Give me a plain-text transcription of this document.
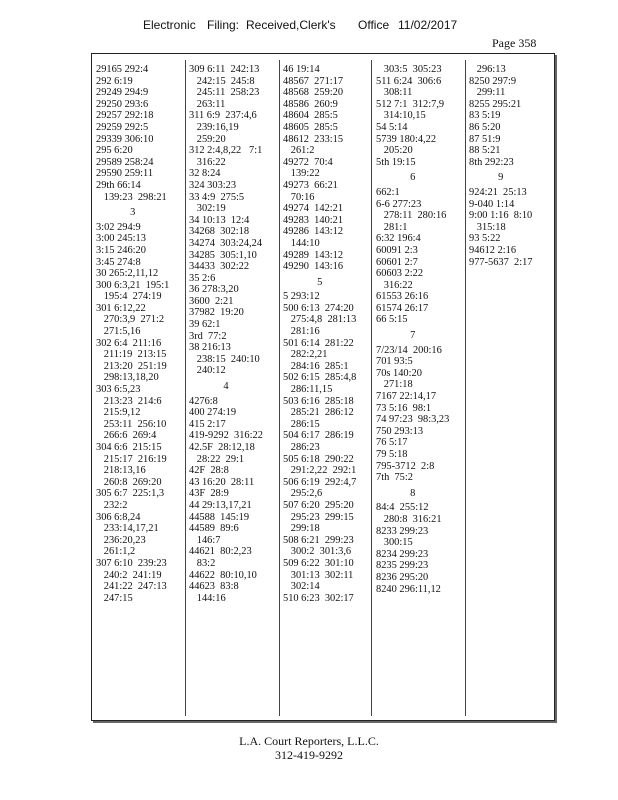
Electronic Filing: Received,Clerk's Office 11/02/2017
Page 358
29165 292:4
292 6:19
29249 294:9
29250 293:6
29257 292:18
29259 292:5
29339 306:10
295 6:20
29589 258:24
29590 259:11
29th 66:14
139:23  298:21
3
3:02 294:9
3:00 245:13
3:15 246:20
3:45 274:8
30 265:2,11,12
300 6:3,21  195:1
195:4  274:19
301 6:12,22
270:3,9  271:2
271:5,16
302 6:4  211:16
211:19  213:15
213:20  251:19
298:13,18,20
303 6:5,23
213:23  214:6
215:9,12
253:11  256:10
266:6  269:4
304 6:6  215:15
215:17  216:19
218:13,16
260:8  269:20
305 6:7  225:1,3
232:2
306 6:8,24
233:14,17,21
236:20,23
261:1,2
307 6:10  239:23
240:2  241:19
241:22  247:13
247:15
309 6:11  242:13
242:15  245:8
245:11  258:23
263:11
311 6:9  237:4,6
239:16,19
259:20
312 2:4,8,22   7:1
316:22
32 8:24
324 303:23
33 4:9  275:5
302:19
34 10:13  12:4
34268  302:18
34274  303:24,24
34285  305:1,10
34433  302:22
35 2:6
36 278:3,20
3600  2:21
37982  19:20
39 62:1
3rd  77:2
38 216:13
238:15  240:10
240:12
4
4276:8
400 274:19
415 2:17
419-9292  316:22
42.5F  28:12,18
28:22  29:1
42F  28:8
43 16:20  28:11
43F  28:9
44 29:13,17,21
44588  145:19
44589  89:6
146:7
44621  80:2,23
83:2
44622  80:10,10
44623  83:8
144:16
46 19:14
48567  271:17
48568  259:20
48586  260:9
48604  285:5
48605  285:5
48612  233:15
261:2
49272  70:4
139:22
49273  66:21
70:16
49274  142:21
49283  140:21
49286  143:12
144:10
49289  143:12
49290  143:16
5
5 293:12
500 6:13  274:20
275:4,8  281:13
281:16
501 6:14  281:22
282:2,21
284:16  285:1
502 6:15  285:4,8
286:11,15
503 6:16  285:18
285:21  286:12
286:15
504 6:17  286:19
286:23
505 6:18  290:22
291:2,22  292:1
506 6:19  292:4,7
295:2,6
507 6:20  295:20
295:23  299:15
299:18
508 6:21  299:23
300:2  301:3,6
509 6:22  301:10
301:13  302:11
302:14
510 6:23  302:17
303:5  305:23
511 6:24  306:6
308:11
512 7:1  312:7,9
314:10,15
54 5:14
5739 180:4,22
205:20
5th 19:15
6
662:1
6-6 277:23
278:11  280:16
281:1
6:32 196:4
60091 2:3
60601 2:7
60603 2:22
316:22
61553 26:16
61574 26:17
66 5:15
7
7/23/14  200:16
701 93:5
70s 140:20
271:18
7167 22:14,17
73 5:16  98:1
74 97:23  98:3,23
750 293:13
76 5:17
79 5:18
795-3712  2:8
7th  75:2
8
84:4  255:12
280:8  316:21
8233 299:23
300:15
8234 299:23
8235 299:23
8236 295:20
8240 296:11,12
296:13
8250 297:9
299:11
8255 295:21
83 5:19
86 5:20
87 51:9
88 5:21
8th 292:23
9
924:21  25:13
9-040 1:14
9:00 1:16  8:10
315:18
93 5:22
94612 2:16
977-5637  2:17
L.A. Court Reporters, L.L.C.
312-419-9292
